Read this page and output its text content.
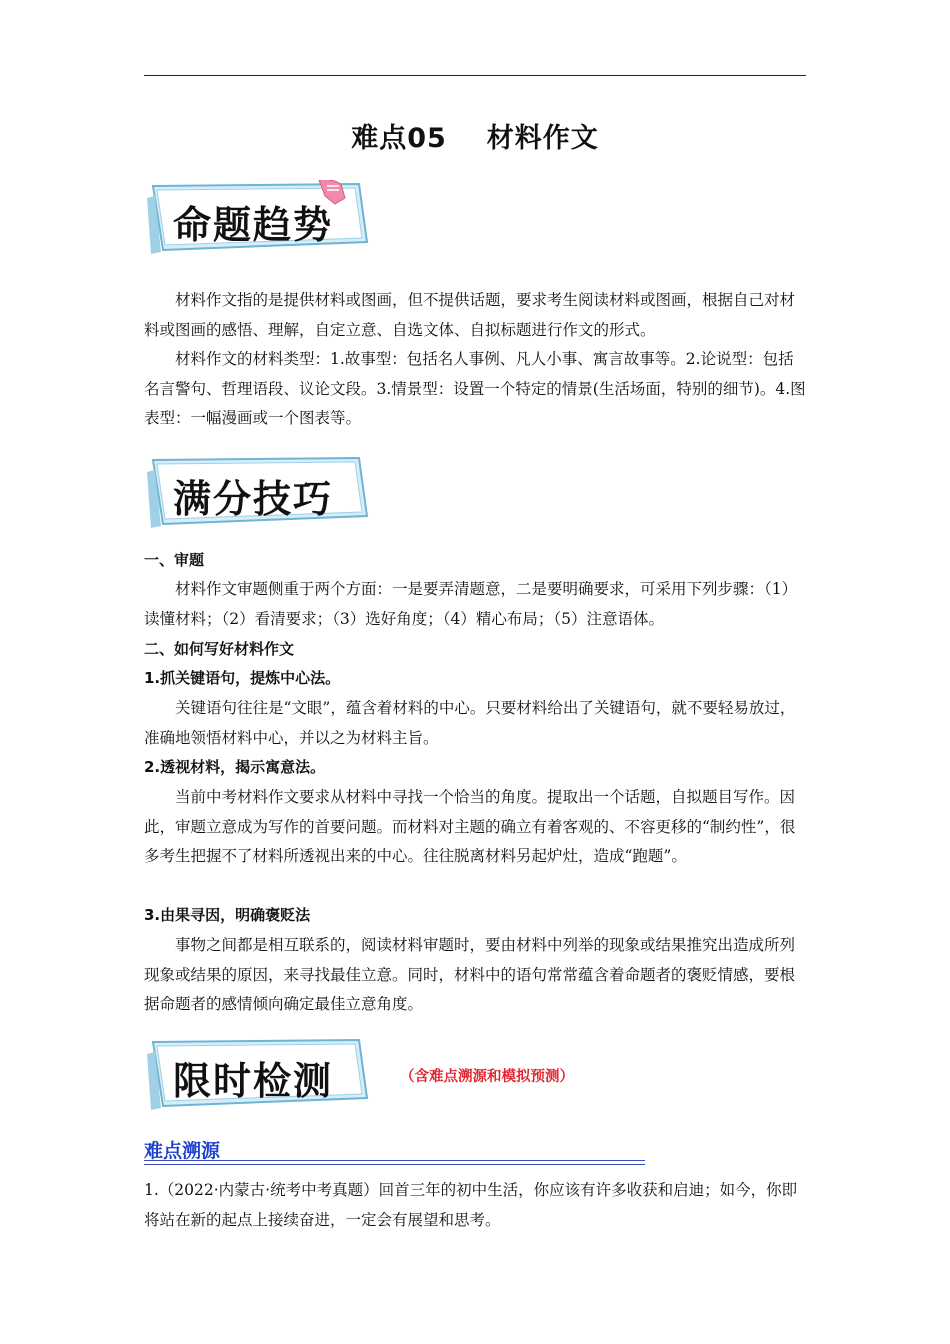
难点05 材料作文
命题趋势
材料作文指的是提供材料或图画，但不提供话题，要求考生阅读材料或图画，根据自己对材料或图画的感悟、理解，自定立意、自选文体、自拟标题进行作文的形式。
材料作文的材料类型：1.故事型：包括名人事例、凡人小事、寓言故事等。2.论说型：包括名言警句、哲理语段、议论文段。3.情景型：设置一个特定的情景(生活场面，特别的细节)。4.图表型：一幅漫画或一个图表等。
满分技巧
一、审题
材料作文审题侧重于两个方面：一是要弄清题意，二是要明确要求，可采用下列步骤：（1）读懂材料；（2）看清要求；（3）选好角度；（4）精心布局；（5）注意语体。
二、如何写好材料作文
1.抓关键语句，提炼中心法。
关键语句往往是“文眼”，蕴含着材料的中心。只要材料给出了关键语句，就不要轻易放过，准确地领悟材料中心，并以之为材料主旨。
2.透视材料，揭示寓意法。
当前中考材料作文要求从材料中寻找一个恰当的角度。提取出一个话题，自拟题目写作。因此，审题立意成为写作的首要问题。而材料对主题的确立有着客观的、不容更移的“制约性”，很多考生把握不了材料所透视出来的中心。往往脱离材料另起炉灶，造成“跑题”。
3.由果寻因，明确褒贬法
事物之间都是相互联系的，阅读材料审题时，要由材料中列举的现象或结果推究出造成所列现象或结果的原因，来寻找最佳立意。同时，材料中的语句常常蕴含着命题者的褒贬情感，要根据命题者的感情倾向确定最佳立意角度。
限时检测	（含难点溯源和模拟预测）
难点溯源
1.（2022·内蒙古·统考中考真题）回首三年的初中生活，你应该有许多收获和启迪；如今，你即将站在新的起点上接续奋进，一定会有展望和思考。
